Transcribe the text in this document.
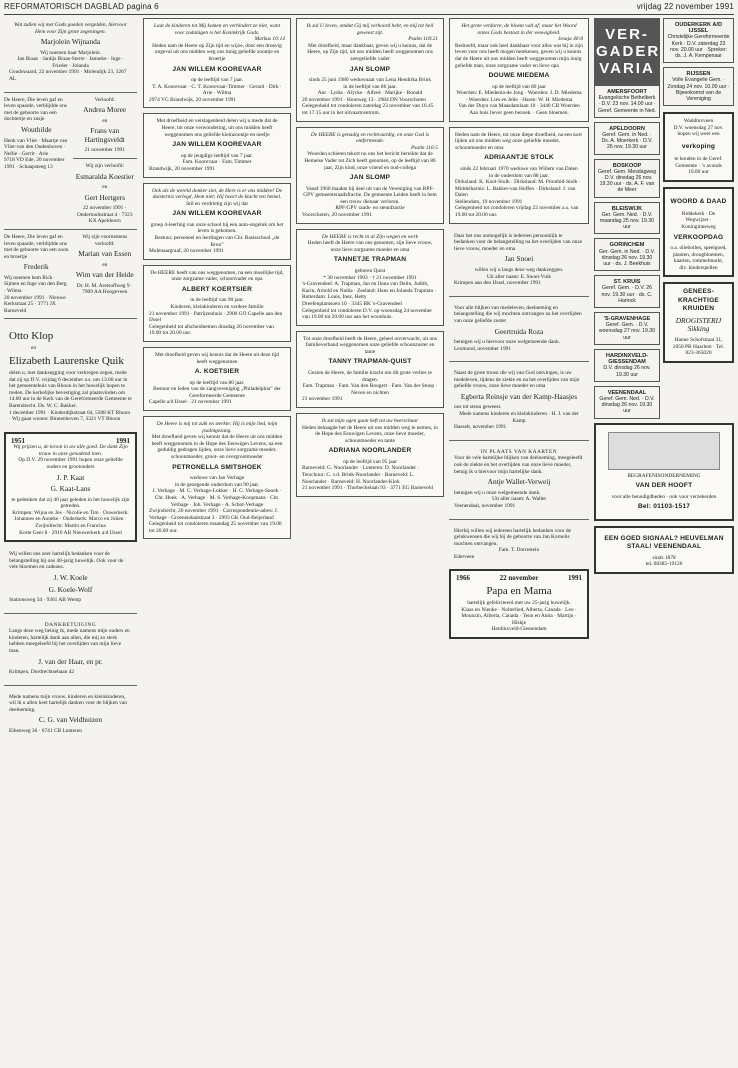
REFORMATORISCH DAGBLAD pagina 6	vrijdag 22 november 1991
Wat zullen wij met Gods goeden vergelden, hiervoor Hem voor Zijn grote zegeningen.
Marjolein Wijnanda
Wij noemen haar Marjolein.
Jan Braas · Janlijs Braas-Sterre · Janneke · Inge · Frieder · Jolanda
Goudswaard, 22 november 1991 · Molendijk 23, 3267 AL
De Heere, Die leven gaf en leven spaarde, verblijdde ons met de geboorte van een dochtertje en zusje
Wouthilde
Henk van Vliet · Maartje van Vliet-van den Oudenhoven · Nellie · Gerrit · Arie
9718 VD Ede, 20 november 1991 · Schaapsteeg 13
Verloofd:
Andrea Moree
en
Frans van Hartingsveldt
21 november 1991
Wij zijn verloofd:
Esmaralda Koestier
en
Gert Hertgers
22 november 1991 · Ondertoolnstraat 4 · 7323 KX Apeldoorn
De Heere, Die leven gaf en leven spaarde, verblijdde ons met de geboorte van een zoon en broertje
Frederik
Wij noemen hem Rick · Sijmen en Inge van den Berg · Wilma
20 november 1991 · Nieuwe Kerkstraat 25 · 3771 JX Barneveld
Wij zijn voornemens verloofd:
Marian van Essen
en
Wim van der Heide
Dr. H. M. Aretsoffweg 9 · 7909 AA Hoogeveen
Otto Klop
en
Elizabeth Laurenske Quik
delen u, met dankzegging voor verkregen zegen, mede dat zij op D.V. vrijdag 6 december a.s. om 13.00 uur in het gemeentehuis van Rhoon in het huwelijk hopen te treden. De kerkelijke bevestiging zal plaatsvinden om 14.00 uur in de Kerk van de Gereformeerde Gemeente te Barendrecht. Ds. W. C. Bakker.
1 december 1991 · Kinderdijkstraat 64, 5308 KT Rhoon · Wij gaan wonen: Binnenhoven 7, 3321 VT Rhoon
1951	1991
Wij prijzen u, de kroon in uw alle goed. De dank Zijn trouw in onze genadend toen.
Op D.V. 29 november 1991 hopen onze geliefde ouders en grootouders
J. P. Kaat
G. Kaat-Lans
te gedenken dat zij 40 jaar geleden in het huwelijk zijn getreden.
Krimpen: Wijna en Jos · Nicolie en Tim · Ouwerkerk: Johannes en Anneke · Ouderkerk: Marco en Jolien · Zwijndrecht: Martin en Francina
Korte Geer 8 · 2910 AB Nieuwerkerk a/d IJssel
Wij willen ons zeer hartelijk bedanken voor de belangstelling bij ons 40-jarig huwelijk. Ook voor de vele bloemen en cadeaus.
J. W. Koele
G. Koele-Wolf
Stationsweg 34 · 9361 AB Wemp
DANKBETUIGING
Langs deze weg betuig ik, mede namens mijn ouders en kinderen, hartelijk dank aan allen, die mij zo sterk hebben meegeleefd bij het overlijden van mijn lieve man.
J. van der Haar, en pr.
Krimpen, Dordrechtsebaan 42
Mede namens mijn vrouw, kinderen en kleinkinderen, wil ik u allen heel hartelijk danken voor de blijken van deelneming.
C. G. van Veldhuizen
Eibenweg 36 · 6741 CB Lunteren
Laat de kinderen tot Mij komen en verhindert ze niet, want voor zodanigen is het Koninkrijk Gods.
Markus 10:14
Heden nam de Heere op Zijn tijd en wijze, door een droevig ongeval uit ons midden weg ons innig geliefde zoontje en broertje
JAN WILLEM KOOREVAAR
op de leeftijd van 7 jaar.
T. A. Koorevaar · C. T. Koorevaar-Timmer · Gerard · Dirk · Arie · Wilma
2974 VG Brandwijk, 20 november 1991
Met droefheid en verslagenheid delen wij u mede dat de Heere, tot onze verwondering, uit ons midden heeft weggenomen ons geliefde kleinzoontje en neefje
JAN WILLEM KOOREVAAR
op de jeugdige leeftijd van 7 jaar.
Fam. Koorevaar · Fam. Timmer
Brandwijk, 20 november 1991
Ook als de wereld donker ziet, de Here is er ons midden! De duisternis verlegd, Hem niet; Hij hoort de klacht ten hemel.
Stil en verdrietig zijn wij dat
JAN WILLEM KOOREVAAR
groep 4-leerling van onze school bij een auto-ongeluk om het leven is gekomen.
Bestuur, personeel en leerlingen van Chr. Basisschool „de Bron”
Molenaargraaf, 20 november 1991
De HEERE heeft van ons weggenomen, na een moeilijke tijd, onze zorgzame vader, schoonvader en opa
ALBERT KOERTSIER
in de leeftijd van 90 jaar.
Kinderen, kleinkinderen en verdere familie
21 november 1991 · Patrijzenhuis · 2900 GO Capelle aan den IJssel
Gelegenheid tot afscheidnemen dinsdag 26 november van 19.00 tot 20.00 uur.
Met droefheid geven wij kennis dat de Heere uit deze tijd heeft weggenomen
A. KOETSIER
op de leeftijd van 80 jaar.
Bestuur en leden van de zangvereniging „Philadelphia” der Gereformeerde Gemeente
Capelle a/d IJssel · 21 november 1991
De Heere is mij tot zulk en sterkte; Hij is mijn lied, mijn psalmgezang.
Met droefheid geven wij kennis dat de Heere uit ons midden heeft weggenomen in de Hope des Eeuwigen Levens, na een geduldig gedragen lijden, onze lieve zorgzame moeder, schoonmoeder, groot- en overgrootmoeder
PETRONELLA SMITSHOEK
weduwe van Jan Verhage
in de gezegende ouderdom van 90 jaar.
J. Verhage · M. C. Verhage-Lokker · H. C. Verhage-Snoek · Chr. Hoek · A. Verhage · M. S. Verhage-Koopmans · Chr. Verhage · Joh. Verhage · A. Schot-Verhage
Zwijndrecht, 20 november 1991 · Correspondentie-adres: J. Verhage · Groenendaalstraat 3 · 2993 GK Oud-Beijerland
Gelegenheid tot condoleren maandag 25 november van 19.00 tot 20.00 uur.
Ik zal U loven, omdat Gij mij verhoord hebt, en mij tot heil geweest zijt.
Psalm 118:21
Met droefheid, maar dankbaar, geven wij u kennis, dat de Heere, op Zijn tijd, uit ons midden heeft weggenomen ons zeergeliefde vader
JAN SLOMP
sinds 25 juni 1980 weduwnaar van Lena Hendrika Brink
in de leeftijd van 86 jaar.
Ant · Lydia · Alycke · Alfred · Marijke · Ronald
20 november 1991 · Houtweg 13 · 2984 DN Voorschoten
Gelegenheid tot condoleren zaterdag 23 november van 16.45 tot 17.15 uur in het uitvaartcentrum.
De HEERE is genadig en rechtvaardig, en onze God is ontfermende.
Psalm 116:5
Woorden schieten tekort nu ons het bericht bereikte dat de Hemelse Vader tot Zich heeft genomen, op de leeftijd van 86 jaar, Zijn kind, onze vriend en oud-collega
JAN SLOMP
Vanaf 1960 maakte hij deel uit van de Vereniging van RPF-GPV gemeenteraadsfractie. De gemeente Leiden heeft in hem een trouw dienaar verloren.
RPF/GPV raads- en steunfractie
Voorschoten, 20 november 1991
De HEERE is recht in al Zijn wegen en werk
Heden heeft de Heere van ons genomen, zijn lieve vrouw, onze lieve zorgzame moeder en oma
TANNETJE TRAPMAN
geboren Quist
* 30 november 1903 · † 21 november 1991
's-Gravendeel: A. Trapman, Jan en Ilona van Delin, Judith, Karin, Arnold en Nadia · Zeeland: Hans en Jolanda Trapman · Rotterdam: Louis, Inez, Hetty
Dreefenplantsoen 10 · 3345 BK 's-Gravendeel
Gelegenheid tot condoleren D.V. op woensdag 24 november van 19.00 tot 20.00 uur aan het woonhuis.
Tot onze droefheid heeft de Heere, geheel onverwacht, uit ons familieverband weggenomen onze geliefde schoonzuster en tante
TANNY TRAPMAN-QUIST
Gezien de Heere, de familie kracht om dit grote verlies te dragen.
Fam. Trapman · Fam. Van den Boogert · Fam. Van der Stoep · Neven en nichten
21 november 1991
Ik zal mijn ogen gaan heft tot uw heerschaar
Heden behaagde het de Heere uit ons midden weg te nemen, in de Hope des Eeuwigen Levens, onze lieve moeder, schoonmoeder en tante
ADRIANA NOORLANDER
op de leeftijd van 95 jaar
Barneveld: G. Noorlander · Lunteren: D. Noorlander · Terschuur: C. v.d. Brink-Noorlander · Barneveld: L. Noorlander · Barneveld: H. Noorlander-Klok
21 november 1991 · Thorbeckelaan 93 · 3771 EG Barneveld
Het grote verdorre, de bloem valt af; maar het Woord onzes Gods bestaat in der eeuwigheid.
Jesaja 40:8
Bedroefd, maar ook heel dankbaar voor alles wat hij in zijn leven voor ons heeft mogen betekenen, geven wij u kennis dat de Heere uit ons midden heeft weggenomen mijn innig geliefde man, onze zorgzame vader en lieve opa
DOUWE MIEDEMA
op de leeftijd van 80 jaar
Woerden: E. Miedema-de Jong · Woerden: J. D. Miedema · Woerden: Lies en Jelle · Haren: W. H. Miedema
Van der Duyn van Maasdamlaan 10 · 3440 CB Woerden
Aan huis liever geen bezoek. · Geen bloemen.
Heden nam de Heere, tot onze diepe droefheid, na een kort lijden uit ons midden weg onze geliefde moeder, schoonmoeder en oma
ADRIAANTJE STOLK
sinds 22 februari 1970 weduwe van Willem van Dalen
in de ouderdom van 88 jaar.
Dirksland: K. Kool-Stolk · Dirksland: M. Pronthid-Stolk · Middelharnis: L. Bakker-van Hoffen · Dirksland: J. van Dalen
Stellendam, 19 november 1991
Gelegenheid tot condoleren vrijdag 22 november a.s. van 19.00 tot 20.00 uur.
Daar het ons onmogelijk is iedereen persoonlijk te bedanken voor de belangstelling na het overlijden van onze lieve vrouw, moeder en oma
Jan Snoei
willen wij u langs deze weg dankzeggen.
Uit aller naam: E. Snoei-Vuik
Krimpen aan den IJssel, november 1991
Voor alle blijken van medeleven, deelneming en belangstelling die wij mochten ontvangen na het overlijden van onze geliefde zuster
Geertruida Roza
betuigen wij u hiervoor onze welgemeende dank.
Lexmond, november 1991
Naast de grote troost die wij van God ontvingen, is uw medeleven, tijdens de ziekte en na het overlijden van mijn geliefde vrouw, onze lieve moeder en oma
Egberta Reinsje van der Kamp-Haasjes
ons tot steun geweest.
Mede namens kinderen en kleinkinderen · H. J. van der Kamp
Hasselt, november 1991
IN PLAATS VAN KAARTEN
Voor de vele hartelijke blijken van deelneming, meegeleefd ook de ziekte en het overlijden van onze lieve moeder, betuig ik u hiervoor mijn hartelijke dank.
Antje Wallet-Verweij
betuigen wij u onze welgemeende dank.
Uit aller naam: A. Wallet
Veenendaal, november 1991
Hierbij willen wij iedereen hartelijk bedanken voor de gelukwensen die wij bij de geboorte van Jan Kornelis mochten ontvangen.
Fam. T. Dorrestein
Ederveen
1966	22 november	1991
Papa en Mama
hartelijk gefeliciteerd met uw 25-jarig huwelijk.
Klaas en Nienke · Nolterlied, Alberta, Canada · Leo · Mounzin, Alberta, Canada · Teun en Anita · Martijn · Hiskje
Hardinxveld-Giessendam
VER-
GADER
VARIA
AMERSFOORT
Evangelische Bethelkerk · D.V. 23 nov. 14.00 uur · Geref. Gemeente in Ned.
APELDOORN
Geref. Gem. in Ned. · Ds. A. Moerkerk · D.V. 26 nov. 19.30 uur
BOSKOOP
Geref. Gem. Mesdagweg · D.V. dinsdag 26 nov. 19.30 uur · ds. A. F. van de Meer
BLEISWIJK
Ger. Gem. Ned. · D.V. maandag 25 nov. 19.30 uur
GORINCHEM
Ger. Gem. in Ned. · D.V. dinsdag 26 nov. 19.30 uur · ds. J. Beekhuis
ST. KRUIS
Geref. Gem. · D.V. 26 nov. 19.30 uur · ds. C. Harinck
'S-GRAVENHAGE
Geref. Gem. · D.V. woensdag 27 nov. 19.30 uur
HARDINXVELD-GIESSENDAM
D.V. dinsdag 26 nov. 19.30 uur
VEENENDAAL
Geref. Gem. Ned. · D.V. dinsdag 26 nov. 19.30 uur
OUDERKERK A/D IJSSEL
Christelijke Gereformeerde Kerk · D.V. zaterdag 23 nov. 20.00 uur · Spreker: ds. J. A. Kempenaar
RIJSSEN
Volle Evangelie Gem. · Zondag 24 nov. 10.00 uur · Bijeenkomst van de Vereniging
Waddinxveen
D.V. woensdag 27 nov. hopen wij weer een
verkoping
te houden in de Geref. Gemeente · ’s avonds 19.00 uur
WOORD & DAAD
Riddekerk · De Wegwijzer · Koninginneweg
VERKOOPDAG
o.a. oliebollen, speelgoed, planten, droogbloemen, kaarten, rommelmarkt, div. kinderspellen
GENEES-
KRACHTIGE
KRUIDEN
DROGISTERIJ Sikking
Hanne Schofstraat 31, 2050 PB Haarlem · Tel. 023-365020
BEGRAFENISONDERNEMING
VAN DER HOOFT
voor alle benodigdheden · ook voor verzekerden
Bel: 01103-1517
EEN GOED SIGNAAL? HEUVELMAN STAAL! VEENENDAAL
sinds 1878
tel. 08385-19126
